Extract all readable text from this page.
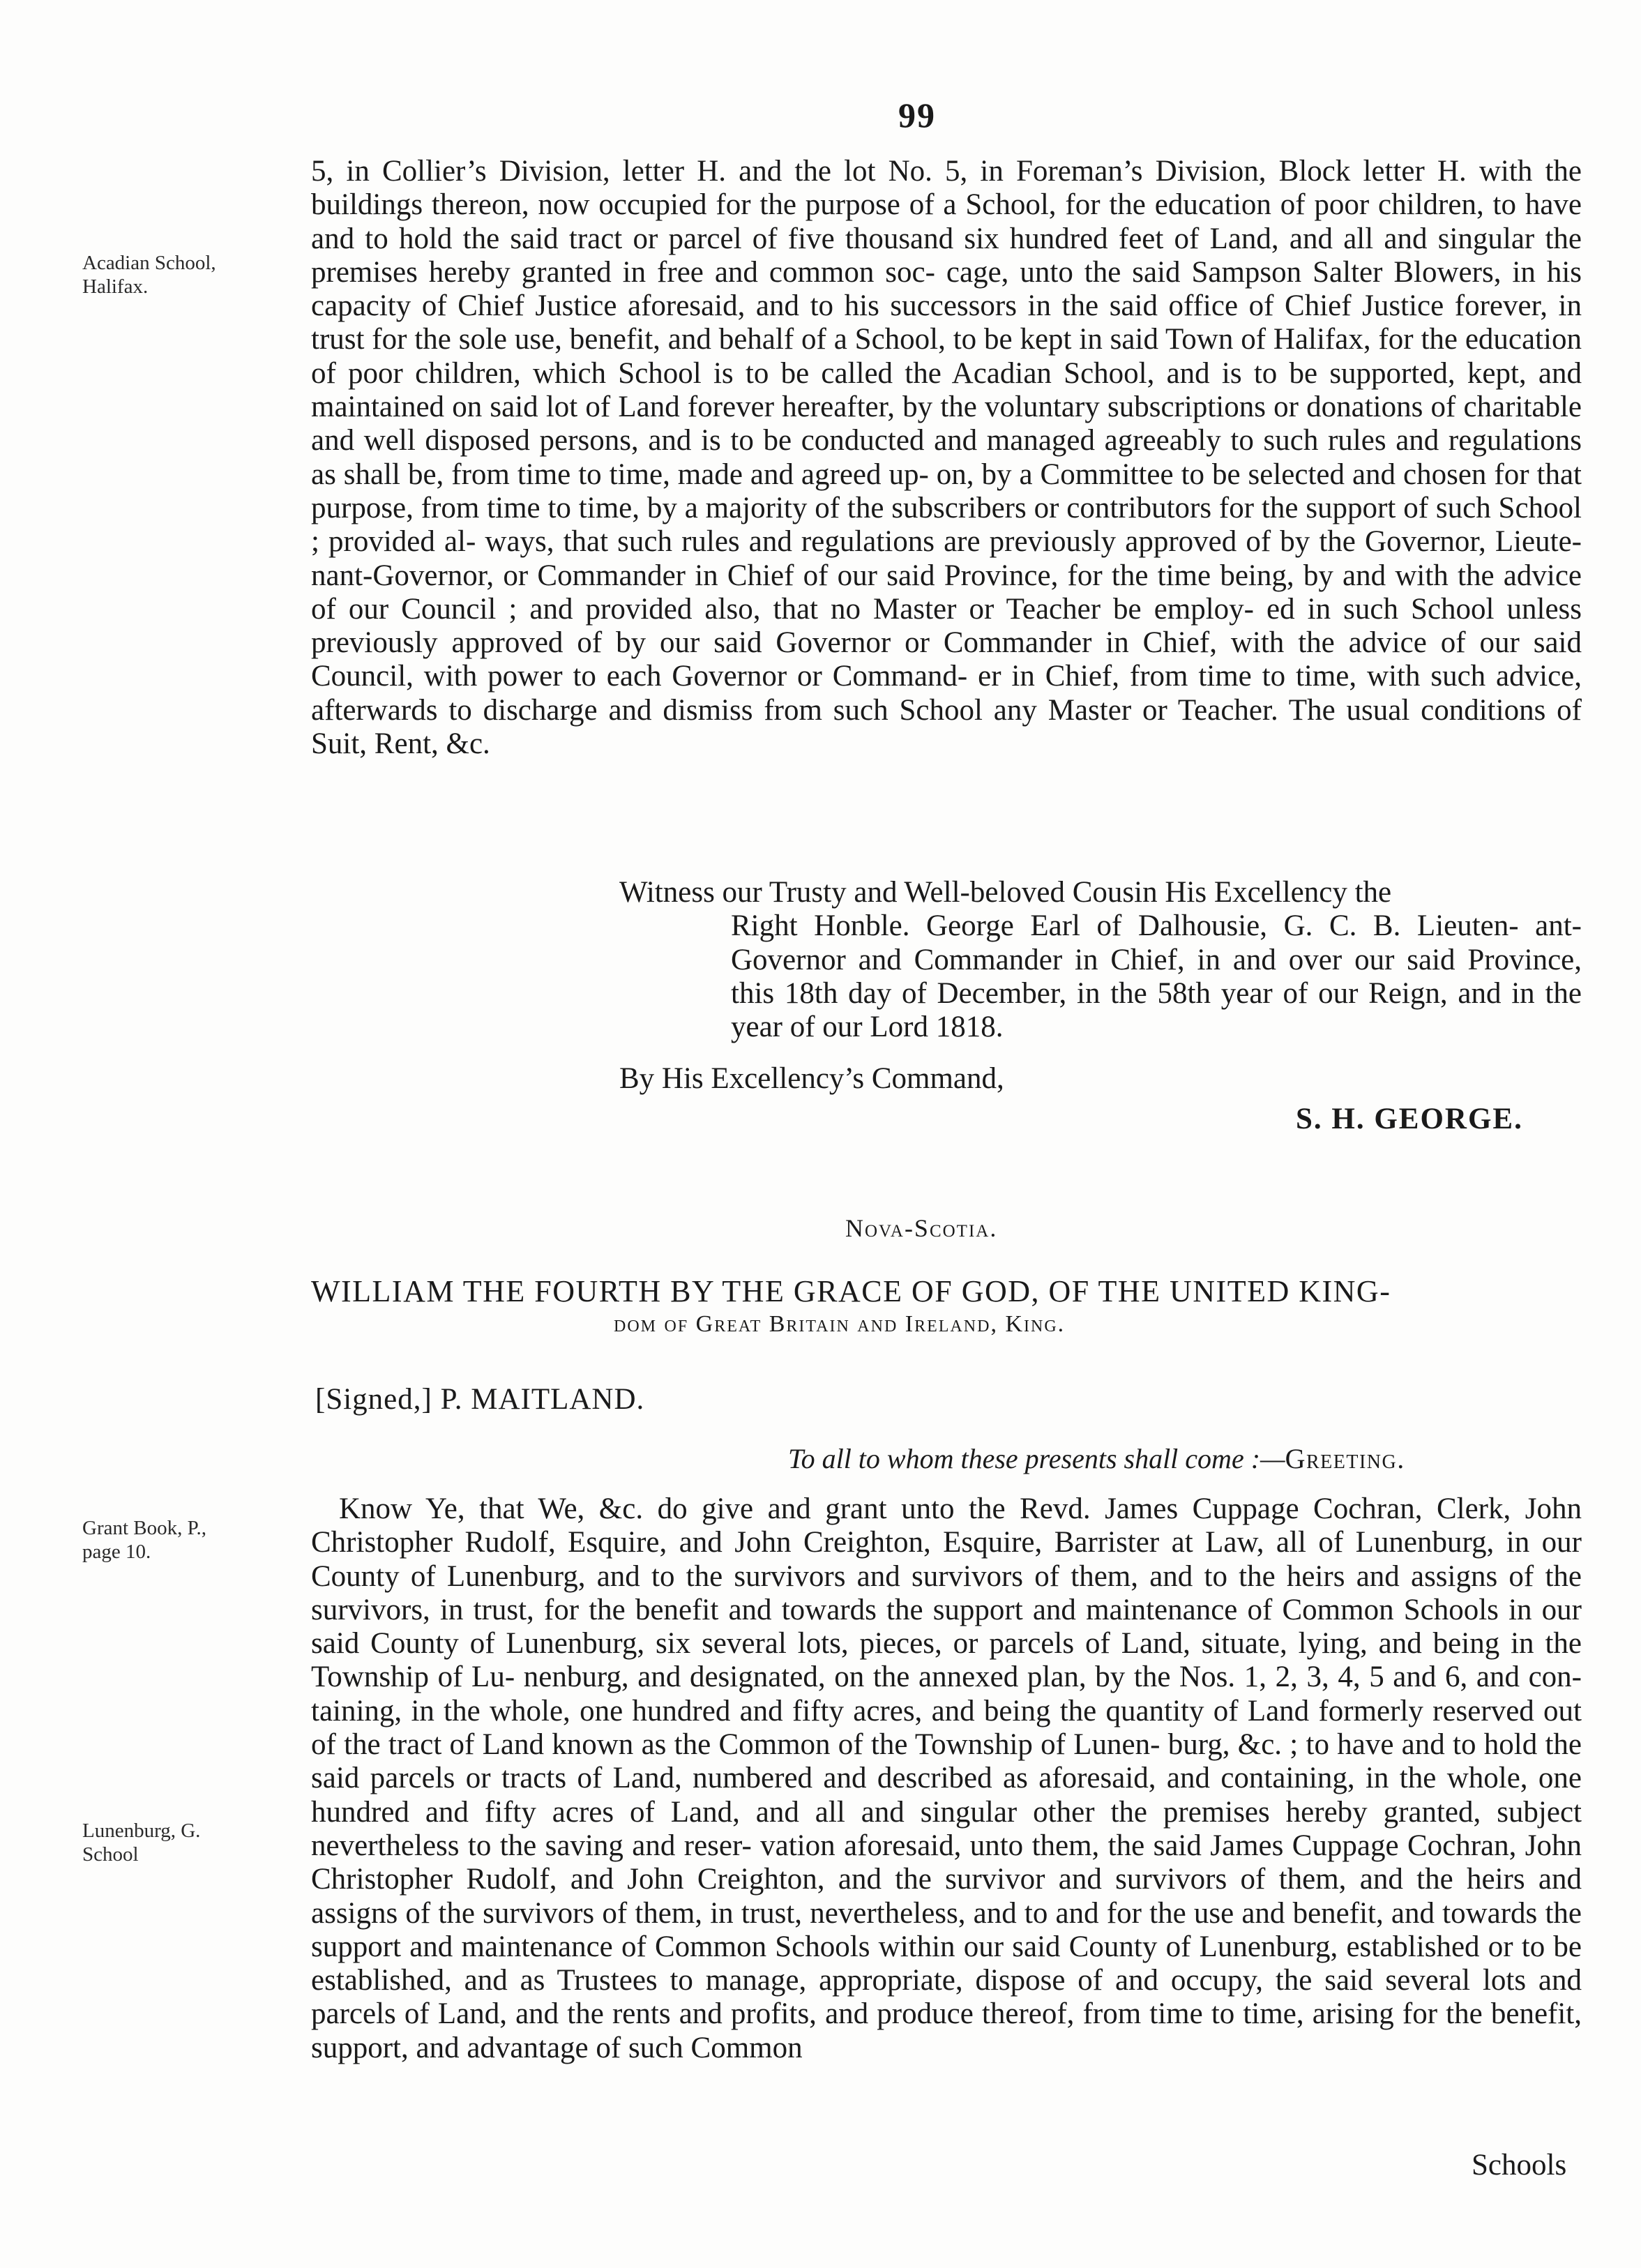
99
Acadian School,
Halifax.
Grant Book, P.,
page 10.
Lunenburg, G.
School

5, in Collier’s Division, letter H. and the lot No. 5, in Foreman’s Division, Block letter H. with the buildings thereon, now occupied for the purpose of a School, for the education of poor children, to have and to hold the said tract or parcel of five thousand six hundred feet of Land, and all and singular the premises hereby granted in free and common soc- cage, unto the said Sampson Salter Blowers, in his capacity of Chief Justice aforesaid, and to his successors in the said office of Chief Justice forever, in trust for the sole use, benefit, and behalf of a School, to be kept in said Town of Halifax, for the education of poor children, which School is to be called the Acadian School, and is to be supported, kept, and maintained on said lot of Land forever hereafter, by the voluntary subscriptions or donations of charitable and well disposed persons, and is to be conducted and managed agreeably to such rules and regulations as shall be, from time to time, made and agreed up- on, by a Committee to be selected and chosen for that purpose, from time to time, by a majority of the subscribers or contributors for the support of such School ; provided al- ways, that such rules and regulations are previously approved of by the Governor, Lieute- nant-Governor, or Commander in Chief of our said Province, for the time being, by and with the advice of our Council ; and provided also, that no Master or Teacher be employ- ed in such School unless previously approved of by our said Governor or Commander in Chief, with the advice of our said Council, with power to each Governor or Command- er in Chief, from time to time, with such advice, afterwards to discharge and dismiss from such School any Master or Teacher. The usual conditions of Suit, Rent, &c.

Witness our Trusty and Well-beloved Cousin His Excellency the
Right Honble. George Earl of Dalhousie, G. C. B. Lieuten- ant-Governor and Commander in Chief, in and over our said Province, this 18th day of December, in the 58th year of our Reign, and in the year of our Lord 1818.
By His Excellency’s Command,
S. H. GEORGE.
Nova-Scotia.
WILLIAM THE FOURTH BY THE GRACE OF GOD, OF THE UNITED KING-
dom of Great Britain and Ireland, King.
[Signed,] P. MAITLAND.
To all to whom these presents shall come :—Greeting.

Know Ye, that We, &c. do give and grant unto the Revd. James Cuppage Cochran, Clerk, John Christopher Rudolf, Esquire, and John Creighton, Esquire, Barrister at Law, all of Lunenburg, in our County of Lunenburg, and to the survivors and survivors of them, and to the heirs and assigns of the survivors, in trust, for the benefit and towards the support and maintenance of Common Schools in our said County of Lunenburg, six several lots, pieces, or parcels of Land, situate, lying, and being in the Township of Lu- nenburg, and designated, on the annexed plan, by the Nos. 1, 2, 3, 4, 5 and 6, and con- taining, in the whole, one hundred and fifty acres, and being the quantity of Land formerly reserved out of the tract of Land known as the Common of the Township of Lunen- burg, &c. ; to have and to hold the said parcels or tracts of Land, numbered and described as aforesaid, and containing, in the whole, one hundred and fifty acres of Land, and all and singular other the premises hereby granted, subject nevertheless to the saving and reser- vation aforesaid, unto them, the said James Cuppage Cochran, John Christopher Rudolf, and John Creighton, and the survivor and survivors of them, and the heirs and assigns of the survivors of them, in trust, nevertheless, and to and for the use and benefit, and towards the support and maintenance of Common Schools within our said County of Lunenburg, established or to be established, and as Trustees to manage, appropriate, dispose of and occupy, the said several lots and parcels of Land, and the rents and profits, and produce thereof, from time to time, arising for the benefit, support, and advantage of such Common

Schools
